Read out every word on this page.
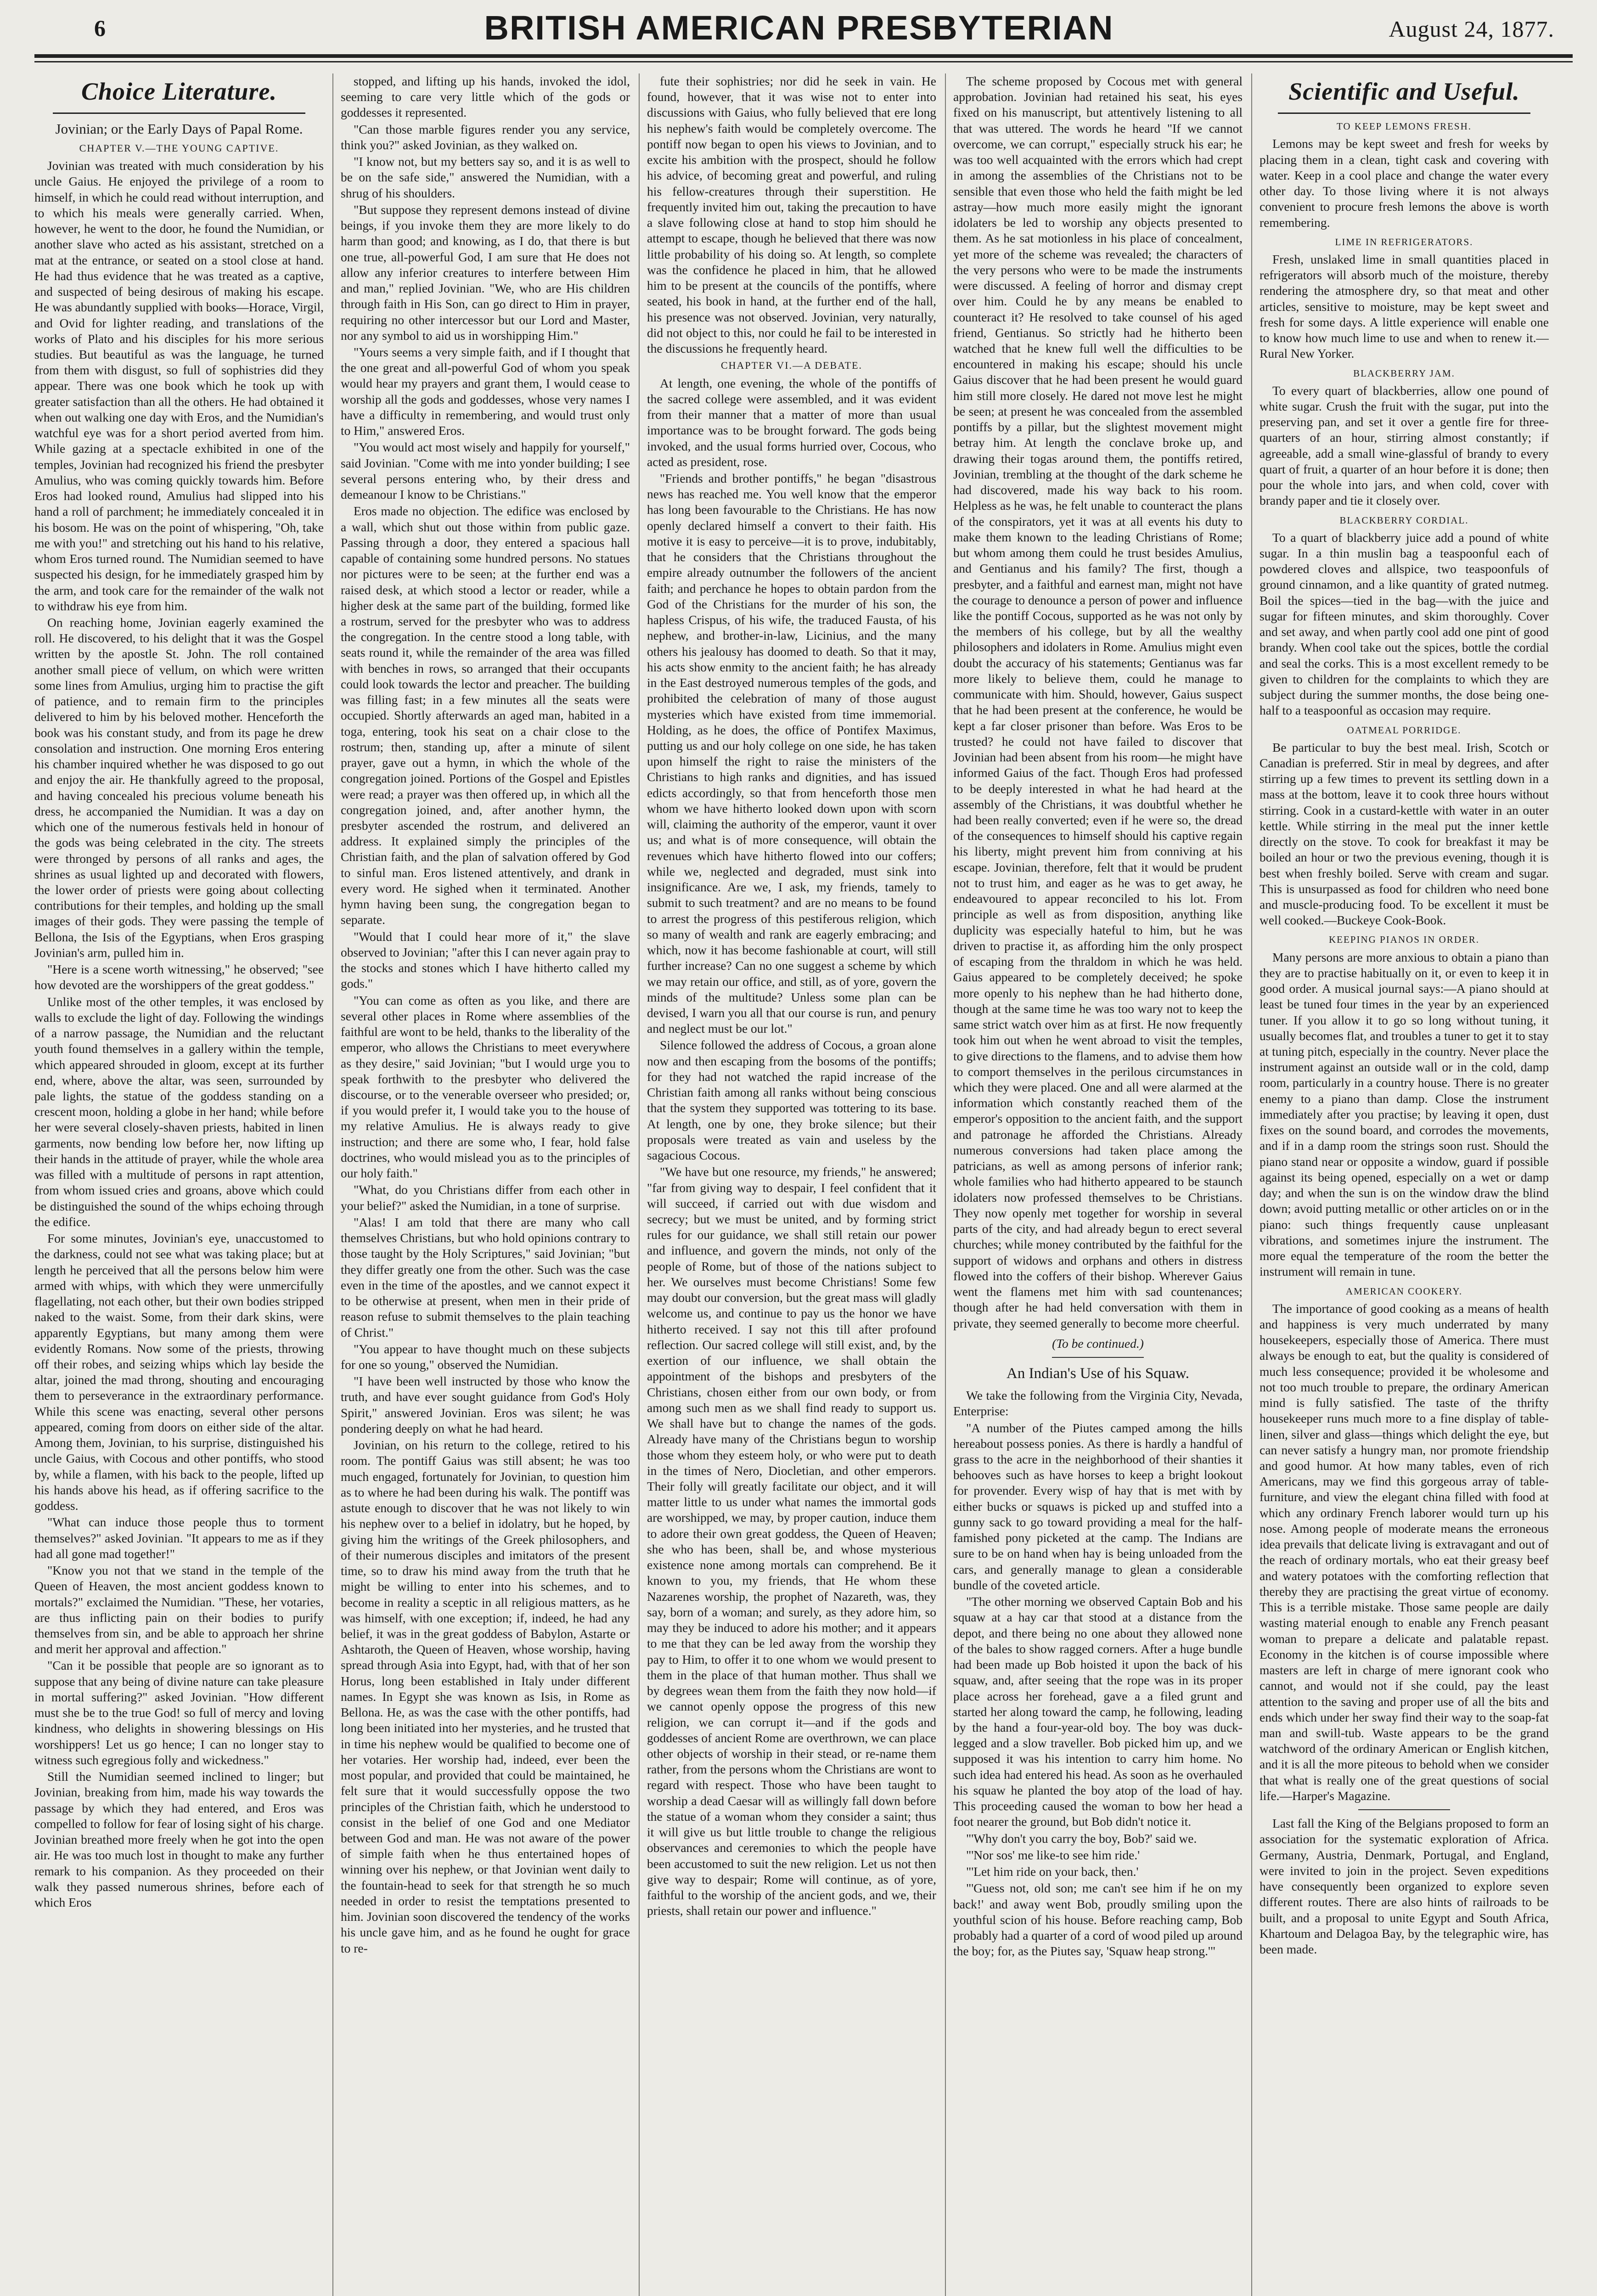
6	BRITISH AMERICAN PRESBYTERIAN	August 24, 1877.
Choice Literature.
Jovinian; or the Early Days of Papal Rome.
CHAPTER V.—THE YOUNG CAPTIVE.

Jovinian was treated with much consideration by his uncle Gaius. He enjoyed the privilege of a room to himself, in which he could read without interruption, and to which his meals were generally carried. When, however, he went to the door, he found the Numidian, or another slave who acted as his assistant, stretched on a mat at the entrance, or seated on a stool close at hand. He had thus evidence that he was treated as a captive, and suspected of being desirous of making his escape. He was abundantly supplied with books—Horace, Virgil, and Ovid for lighter reading, and translations of the works of Plato and his disciples for his more serious studies. But beautiful as was the language, he turned from them with disgust, so full of sophistries did they appear. There was one book which he took up with greater satisfaction than all the others. He had obtained it when out walking one day with Eros, and the Numidian's watchful eye was for a short period averted from him. While gazing at a spectacle exhibited in one of the temples, Jovinian had recognized his friend the presbyter Amulius, who was coming quickly towards him. Before Eros had looked round, Amulius had slipped into his hand a roll of parchment; he immediately concealed it in his bosom. He was on the point of whispering, "Oh, take me with you!" and stretching out his hand to his relative, whom Eros turned round. The Numidian seemed to have suspected his design, for he immediately grasped him by the arm, and took care for the remainder of the walk not to withdraw his eye from him.

On reaching home, Jovinian eagerly examined the roll. He discovered, to his delight that it was the Gospel written by the apostle St. John. The roll contained another small piece of vellum, on which were written some lines from Amulius, urging him to practise the gift of patience, and to remain firm to the principles delivered to him by his beloved mother. Henceforth the book was his constant study, and from its page he drew consolation and instruction. One morning Eros entering his chamber inquired whether he was disposed to go out and enjoy the air. He thankfully agreed to the proposal, and having concealed his precious volume beneath his dress, he accompanied the Numidian. It was a day on which one of the numerous festivals held in honour of the gods was being celebrated in the city. The streets were thronged by persons of all ranks and ages, the shrines as usual lighted up and decorated with flowers, the lower order of priests were going about collecting contributions for their temples, and holding up the small images of their gods. They were passing the temple of Bellona, the Isis of the Egyptians, when Eros grasping Jovinian's arm, pulled him in.

"Here is a scene worth witnessing," he observed; "see how devoted are the worshippers of the great goddess."

Unlike most of the other temples, it was enclosed by walls to exclude the light of day. Following the windings of a narrow passage, the Numidian and the reluctant youth found themselves in a gallery within the temple, which appeared shrouded in gloom, except at its further end, where, above the altar, was seen, surrounded by pale lights, the statue of the goddess standing on a crescent moon, holding a globe in her hand; while before her were several closely-shaven priests, habited in linen garments, now bending low before her, now lifting up their hands in the attitude of prayer, while the whole area was filled with a multitude of persons in rapt attention, from whom issued cries and groans, above which could be distinguished the sound of the whips echoing through the edifice.

For some minutes, Jovinian's eye, unaccustomed to the darkness, could not see what was taking place; but at length he perceived that all the persons below him were armed with whips, with which they were unmercifully flagellating, not each other, but their own bodies stripped naked to the waist. Some, from their dark skins, were apparently Egyptians, but many among them were evidently Romans. Now some of the priests, throwing off their robes, and seizing whips which lay beside the altar, joined the mad throng, shouting and encouraging them to perseverance in the extraordinary performance. While this scene was enacting, several other persons appeared, coming from doors on either side of the altar. Among them, Jovinian, to his surprise, distinguished his uncle Gaius, with Cocous and other pontiffs, who stood by, while a flamen, with his back to the people, lifted up his hands above his head, as if offering sacrifice to the goddess.

"What can induce those people thus to torment themselves?" asked Jovinian. "It appears to me as if they had all gone mad together!"

"Know you not that we stand in the temple of the Queen of Heaven, the most ancient goddess known to mortals?" exclaimed the Numidian. "These, her votaries, are thus inflicting pain on their bodies to purify themselves from sin, and be able to approach her shrine and merit her approval and affection."

"Can it be possible that people are so ignorant as to suppose that any being of divine nature can take pleasure in mortal suffering?" asked Jovinian. "How different must she be to the true God! so full of mercy and loving kindness, who delights in showering blessings on His worshippers! Let us go hence; I can no longer stay to witness such egregious folly and wickedness."

Still the Numidian seemed inclined to linger; but Jovinian, breaking from him, made his way towards the passage by which they had entered, and Eros was compelled to follow for fear of losing sight of his charge. Jovinian breathed more freely when he got into the open air. He was too much lost in thought to make any further remark to his companion. As they proceeded on their walk they passed numerous shrines, before each of which Eros

stopped, and lifting up his hands, invoked the idol, seeming to care very little which of the gods or goddesses it represented.

"Can those marble figures render you any service, think you?" asked Jovinian, as they walked on.

"I know not, but my betters say so, and it is as well to be on the safe side," answered the Numidian, with a shrug of his shoulders.

"But suppose they represent demons instead of divine beings, if you invoke them they are more likely to do harm than good; and knowing, as I do, that there is but one true, all-powerful God, I am sure that He does not allow any inferior creatures to interfere between Him and man," replied Jovinian. "We, who are His children through faith in His Son, can go direct to Him in prayer, requiring no other intercessor but our Lord and Master, nor any symbol to aid us in worshipping Him."

"Yours seems a very simple faith, and if I thought that the one great and all-powerful God of whom you speak would hear my prayers and grant them, I would cease to worship all the gods and goddesses, whose very names I have a difficulty in remembering, and would trust only to Him," answered Eros.

"You would act most wisely and happily for yourself," said Jovinian. "Come with me into yonder building; I see several persons entering who, by their dress and demeanour I know to be Christians."

Eros made no objection. The edifice was enclosed by a wall, which shut out those within from public gaze. Passing through a door, they entered a spacious hall capable of containing some hundred persons. No statues nor pictures were to be seen; at the further end was a raised desk, at which stood a lector or reader, while a higher desk at the same part of the building, formed like a rostrum, served for the presbyter who was to address the congregation. In the centre stood a long table, with seats round it, while the remainder of the area was filled with benches in rows, so arranged that their occupants could look towards the lector and preacher. The building was filling fast; in a few minutes all the seats were occupied. Shortly afterwards an aged man, habited in a toga, entering, took his seat on a chair close to the rostrum; then, standing up, after a minute of silent prayer, gave out a hymn, in which the whole of the congregation joined. Portions of the Gospel and Epistles were read; a prayer was then offered up, in which all the congregation joined, and, after another hymn, the presbyter ascended the rostrum, and delivered an address. It explained simply the principles of the Christian faith, and the plan of salvation offered by God to sinful man. Eros listened attentively, and drank in every word. He sighed when it terminated. Another hymn having been sung, the congregation began to separate.

"Would that I could hear more of it," the slave observed to Jovinian; "after this I can never again pray to the stocks and stones which I have hitherto called my gods."

"You can come as often as you like, and there are several other places in Rome where assemblies of the faithful are wont to be held, thanks to the liberality of the emperor, who allows the Christians to meet everywhere as they desire," said Jovinian; "but I would urge you to speak forthwith to the presbyter who delivered the discourse, or to the venerable overseer who presided; or, if you would prefer it, I would take you to the house of my relative Amulius. He is always ready to give instruction; and there are some who, I fear, hold false doctrines, who would mislead you as to the principles of our holy faith."

"What, do you Christians differ from each other in your belief?" asked the Numidian, in a tone of surprise.

"Alas! I am told that there are many who call themselves Christians, but who hold opinions contrary to those taught by the Holy Scriptures," said Jovinian; "but they differ greatly one from the other. Such was the case even in the time of the apostles, and we cannot expect it to be otherwise at present, when men in their pride of reason refuse to submit themselves to the plain teaching of Christ."

"You appear to have thought much on these subjects for one so young," observed the Numidian.

"I have been well instructed by those who know the truth, and have ever sought guidance from God's Holy Spirit," answered Jovinian. Eros was silent; he was pondering deeply on what he had heard.

Jovinian, on his return to the college, retired to his room. The pontiff Gaius was still absent; he was too much engaged, fortunately for Jovinian, to question him as to where he had been during his walk. The pontiff was astute enough to discover that he was not likely to win his nephew over to a belief in idolatry, but he hoped, by giving him the writings of the Greek philosophers, and of their numerous disciples and imitators of the present time, so to draw his mind away from the truth that he might be willing to enter into his schemes, and to become in reality a sceptic in all religious matters, as he was himself, with one exception; if, indeed, he had any belief, it was in the great goddess of Babylon, Astarte or Ashtaroth, the Queen of Heaven, whose worship, having spread through Asia into Egypt, had, with that of her son Horus, long been established in Italy under different names. In Egypt she was known as Isis, in Rome as Bellona. He, as was the case with the other pontiffs, had long been initiated into her mysteries, and he trusted that in time his nephew would be qualified to become one of her votaries. Her worship had, indeed, ever been the most popular, and provided that could be maintained, he felt sure that it would successfully oppose the two principles of the Christian faith, which he understood to consist in the belief of one God and one Mediator between God and man. He was not aware of the power of simple faith when he thus entertained hopes of winning over his nephew, or that Jovinian went daily to the fountain-head to seek for that strength he so much needed in order to resist the temptations presented to him. Jovinian soon discovered the tendency of the works his uncle gave him, and as he found he ought for grace to re-

fute their sophistries; nor did he seek in vain. He found, however, that it was wise not to enter into discussions with Gaius, who fully believed that ere long his nephew's faith would be completely overcome. The pontiff now began to open his views to Jovinian, and to excite his ambition with the prospect, should he follow his advice, of becoming great and powerful, and ruling his fellow-creatures through their superstition. He frequently invited him out, taking the precaution to have a slave following close at hand to stop him should he attempt to escape, though he believed that there was now little probability of his doing so. At length, so complete was the confidence he placed in him, that he allowed him to be present at the councils of the pontiffs, where seated, his book in hand, at the further end of the hall, his presence was not observed. Jovinian, very naturally, did not object to this, nor could he fail to be interested in the discussions he frequently heard.

CHAPTER VI.—A DEBATE.

At length, one evening, the whole of the pontiffs of the sacred college were assembled, and it was evident from their manner that a matter of more than usual importance was to be brought forward. The gods being invoked, and the usual forms hurried over, Cocous, who acted as president, rose.

"Friends and brother pontiffs," he began "disastrous news has reached me. You well know that the emperor has long been favourable to the Christians. He has now openly declared himself a convert to their faith. His motive it is easy to perceive—it is to prove, indubitably, that he considers that the Christians throughout the empire already outnumber the followers of the ancient faith; and perchance he hopes to obtain pardon from the God of the Christians for the murder of his son, the hapless Crispus, of his wife, the traduced Fausta, of his nephew, and brother-in-law, Licinius, and the many others his jealousy has doomed to death. So that it may, his acts show enmity to the ancient faith; he has already in the East destroyed numerous temples of the gods, and prohibited the celebration of many of those august mysteries which have existed from time immemorial. Holding, as he does, the office of Pontifex Maximus, putting us and our holy college on one side, he has taken upon himself the right to raise the ministers of the Christians to high ranks and dignities, and has issued edicts accordingly, so that from henceforth those men whom we have hitherto looked down upon with scorn will, claiming the authority of the emperor, vaunt it over us; and what is of more consequence, will obtain the revenues which have hitherto flowed into our coffers; while we, neglected and degraded, must sink into insignificance. Are we, I ask, my friends, tamely to submit to such treatment? and are no means to be found to arrest the progress of this pestiferous religion, which so many of wealth and rank are eagerly embracing; and which, now it has become fashionable at court, will still further increase? Can no one suggest a scheme by which we may retain our office, and still, as of yore, govern the minds of the multitude? Unless some plan can be devised, I warn you all that our course is run, and penury and neglect must be our lot."

Silence followed the address of Cocous, a groan alone now and then escaping from the bosoms of the pontiffs; for they had not watched the rapid increase of the Christian faith among all ranks without being conscious that the system they supported was tottering to its base. At length, one by one, they broke silence; but their proposals were treated as vain and useless by the sagacious Cocous.

"We have but one resource, my friends," he answered; "far from giving way to despair, I feel confident that it will succeed, if carried out with due wisdom and secrecy; but we must be united, and by forming strict rules for our guidance, we shall still retain our power and influence, and govern the minds, not only of the people of Rome, but of those of the nations subject to her. We ourselves must become Christians! Some few may doubt our conversion, but the great mass will gladly welcome us, and continue to pay us the honor we have hitherto received. I say not this till after profound reflection. Our sacred college will still exist, and, by the exertion of our influence, we shall obtain the appointment of the bishops and presbyters of the Christians, chosen either from our own body, or from among such men as we shall find ready to support us. We shall have but to change the names of the gods. Already have many of the Christians begun to worship those whom they esteem holy, or who were put to death in the times of Nero, Diocletian, and other emperors. Their folly will greatly facilitate our object, and it will matter little to us under what names the immortal gods are worshipped, we may, by proper caution, induce them to adore their own great goddess, the Queen of Heaven; she who has been, shall be, and whose mysterious existence none among mortals can comprehend. Be it known to you, my friends, that He whom these Nazarenes worship, the prophet of Nazareth, was, they say, born of a woman; and surely, as they adore him, so may they be induced to adore his mother; and it appears to me that they can be led away from the worship they pay to Him, to offer it to one whom we would present to them in the place of that human mother. Thus shall we by degrees wean them from the faith they now hold—if we cannot openly oppose the progress of this new religion, we can corrupt it—and if the gods and goddesses of ancient Rome are overthrown, we can place other objects of worship in their stead, or re-name them rather, from the persons whom the Christians are wont to regard with respect. Those who have been taught to worship a dead Caesar will as willingly fall down before the statue of a woman whom they consider a saint; thus it will give us but little trouble to change the religious observances and ceremonies to which the people have been accustomed to suit the new religion. Let us not then give way to despair; Rome will continue, as of yore, faithful to the worship of the ancient gods, and we, their priests, shall retain our power and influence."

The scheme proposed by Cocous met with general approbation. Jovinian had retained his seat, his eyes fixed on his manuscript, but attentively listening to all that was uttered. The words he heard "If we cannot overcome, we can corrupt," especially struck his ear; he was too well acquainted with the errors which had crept in among the assemblies of the Christians not to be sensible that even those who held the faith might be led astray—how much more easily might the ignorant idolaters be led to worship any objects presented to them. As he sat motionless in his place of concealment, yet more of the scheme was revealed; the characters of the very persons who were to be made the instruments were discussed. A feeling of horror and dismay crept over him. Could he by any means be enabled to counteract it? He resolved to take counsel of his aged friend, Gentianus. So strictly had he hitherto been watched that he knew full well the difficulties to be encountered in making his escape; should his uncle Gaius discover that he had been present he would guard him still more closely. He dared not move lest he might be seen; at present he was concealed from the assembled pontiffs by a pillar, but the slightest movement might betray him. At length the conclave broke up, and drawing their togas around them, the pontiffs retired, Jovinian, trembling at the thought of the dark scheme he had discovered, made his way back to his room. Helpless as he was, he felt unable to counteract the plans of the conspirators, yet it was at all events his duty to make them known to the leading Christians of Rome; but whom among them could he trust besides Amulius, and Gentianus and his family? The first, though a presbyter, and a faithful and earnest man, might not have the courage to denounce a person of power and influence like the pontiff Cocous, supported as he was not only by the members of his college, but by all the wealthy philosophers and idolaters in Rome. Amulius might even doubt the accuracy of his statements; Gentianus was far more likely to believe them, could he manage to communicate with him. Should, however, Gaius suspect that he had been present at the conference, he would be kept a far closer prisoner than before. Was Eros to be trusted? he could not have failed to discover that Jovinian had been absent from his room—he might have informed Gaius of the fact. Though Eros had professed to be deeply interested in what he had heard at the assembly of the Christians, it was doubtful whether he had been really converted; even if he were so, the dread of the consequences to himself should his captive regain his liberty, might prevent him from conniving at his escape. Jovinian, therefore, felt that it would be prudent not to trust him, and eager as he was to get away, he endeavoured to appear reconciled to his lot. From principle as well as from disposition, anything like duplicity was especially hateful to him, but he was driven to practise it, as affording him the only prospect of escaping from the thraldom in which he was held. Gaius appeared to be completely deceived; he spoke more openly to his nephew than he had hitherto done, though at the same time he was too wary not to keep the same strict watch over him as at first. He now frequently took him out when he went abroad to visit the temples, to give directions to the flamens, and to advise them how to comport themselves in the perilous circumstances in which they were placed. One and all were alarmed at the information which constantly reached them of the emperor's opposition to the ancient faith, and the support and patronage he afforded the Christians. Already numerous conversions had taken place among the patricians, as well as among persons of inferior rank; whole families who had hitherto appeared to be staunch idolaters now professed themselves to be Christians. They now openly met together for worship in several parts of the city, and had already begun to erect several churches; while money contributed by the faithful for the support of widows and orphans and others in distress flowed into the coffers of their bishop. Wherever Gaius went the flamens met him with sad countenances; though after he had held conversation with them in private, they seemed generally to become more cheerful.

(To be continued.)
An Indian's Use of his Squaw.

We take the following from the Virginia City, Nevada, Enterprise:

"A number of the Piutes camped among the hills hereabout possess ponies. As there is hardly a handful of grass to the acre in the neighborhood of their shanties it behooves such as have horses to keep a bright lookout for provender. Every wisp of hay that is met with by either bucks or squaws is picked up and stuffed into a gunny sack to go toward providing a meal for the half-famished pony picketed at the camp. The Indians are sure to be on hand when hay is being unloaded from the cars, and generally manage to glean a considerable bundle of the coveted article.

"The other morning we observed Captain Bob and his squaw at a hay car that stood at a distance from the depot, and there being no one about they allowed none of the bales to show ragged corners. After a huge bundle had been made up Bob hoisted it upon the back of his squaw, and, after seeing that the rope was in its proper place across her forehead, gave a a filed grunt and started her along toward the camp, he following, leading by the hand a four-year-old boy. The boy was duck-legged and a slow traveller. Bob picked him up, and we supposed it was his intention to carry him home. No such idea had entered his head. As soon as he overhauled his squaw he planted the boy atop of the load of hay. This proceeding caused the woman to bow her head a foot nearer the ground, but Bob didn't notice it.

"'Why don't you carry the boy, Bob?' said we.

"'Nor sos' me like-to see him ride.'

"'Let him ride on your back, then.'

"'Guess not, old son; me can't see him if he on my back!' and away went Bob, proudly smiling upon the youthful scion of his house. Before reaching camp, Bob probably had a quarter of a cord of wood piled up around the boy; for, as the Piutes say, 'Squaw heap strong.'"

Scientific and Useful.
TO KEEP LEMONS FRESH.

Lemons may be kept sweet and fresh for weeks by placing them in a clean, tight cask and covering with water. Keep in a cool place and change the water every other day. To those living where it is not always convenient to procure fresh lemons the above is worth remembering.

LIME IN REFRIGERATORS.

Fresh, unslaked lime in small quantities placed in refrigerators will absorb much of the moisture, thereby rendering the atmosphere dry, so that meat and other articles, sensitive to moisture, may be kept sweet and fresh for some days. A little experience will enable one to know how much lime to use and when to renew it.—Rural New Yorker.

BLACKBERRY JAM.

To every quart of blackberries, allow one pound of white sugar. Crush the fruit with the sugar, put into the preserving pan, and set it over a gentle fire for three-quarters of an hour, stirring almost constantly; if agreeable, add a small wine-glassful of brandy to every quart of fruit, a quarter of an hour before it is done; then pour the whole into jars, and when cold, cover with brandy paper and tie it closely over.

BLACKBERRY CORDIAL.

To a quart of blackberry juice add a pound of white sugar. In a thin muslin bag a teaspoonful each of powdered cloves and allspice, two teaspoonfuls of ground cinnamon, and a like quantity of grated nutmeg. Boil the spices—tied in the bag—with the juice and sugar for fifteen minutes, and skim thoroughly. Cover and set away, and when partly cool add one pint of good brandy. When cool take out the spices, bottle the cordial and seal the corks. This is a most excellent remedy to be given to children for the complaints to which they are subject during the summer months, the dose being one-half to a teaspoonful as occasion may require.

OATMEAL PORRIDGE.

Be particular to buy the best meal. Irish, Scotch or Canadian is preferred. Stir in meal by degrees, and after stirring up a few times to prevent its settling down in a mass at the bottom, leave it to cook three hours without stirring. Cook in a custard-kettle with water in an outer kettle. While stirring in the meal put the inner kettle directly on the stove. To cook for breakfast it may be boiled an hour or two the previous evening, though it is best when freshly boiled. Serve with cream and sugar. This is unsurpassed as food for children who need bone and muscle-producing food. To be excellent it must be well cooked.—Buckeye Cook-Book.

KEEPING PIANOS IN ORDER.

Many persons are more anxious to obtain a piano than they are to practise habitually on it, or even to keep it in good order. A musical journal says:—A piano should at least be tuned four times in the year by an experienced tuner. If you allow it to go so long without tuning, it usually becomes flat, and troubles a tuner to get it to stay at tuning pitch, especially in the country. Never place the instrument against an outside wall or in the cold, damp room, particularly in a country house. There is no greater enemy to a piano than damp. Close the instrument immediately after you practise; by leaving it open, dust fixes on the sound board, and corrodes the movements, and if in a damp room the strings soon rust. Should the piano stand near or opposite a window, guard if possible against its being opened, especially on a wet or damp day; and when the sun is on the window draw the blind down; avoid putting metallic or other articles on or in the piano: such things frequently cause unpleasant vibrations, and sometimes injure the instrument. The more equal the temperature of the room the better the instrument will remain in tune.

AMERICAN COOKERY.

The importance of good cooking as a means of health and happiness is very much underrated by many housekeepers, especially those of America. There must always be enough to eat, but the quality is considered of much less consequence; provided it be wholesome and not too much trouble to prepare, the ordinary American mind is fully satisfied. The taste of the thrifty housekeeper runs much more to a fine display of table-linen, silver and glass—things which delight the eye, but can never satisfy a hungry man, nor promote friendship and good humor. At how many tables, even of rich Americans, may we find this gorgeous array of table-furniture, and view the elegant china filled with food at which any ordinary French laborer would turn up his nose. Among people of moderate means the erroneous idea prevails that delicate living is extravagant and out of the reach of ordinary mortals, who eat their greasy beef and watery potatoes with the comforting reflection that thereby they are practising the great virtue of economy. This is a terrible mistake. Those same people are daily wasting material enough to enable any French peasant woman to prepare a delicate and palatable repast. Economy in the kitchen is of course impossible where masters are left in charge of mere ignorant cook who cannot, and would not if she could, pay the least attention to the saving and proper use of all the bits and ends which under her sway find their way to the soap-fat man and swill-tub. Waste appears to be the grand watchword of the ordinary American or English kitchen, and it is all the more piteous to behold when we consider that what is really one of the great questions of social life.—Harper's Magazine.

Last fall the King of the Belgians proposed to form an association for the systematic exploration of Africa. Germany, Austria, Denmark, Portugal, and England, were invited to join in the project. Seven expeditions have consequently been organized to explore seven different routes. There are also hints of railroads to be built, and a proposal to unite Egypt and South Africa, Khartoum and Delagoa Bay, by the telegraphic wire, has been made.
